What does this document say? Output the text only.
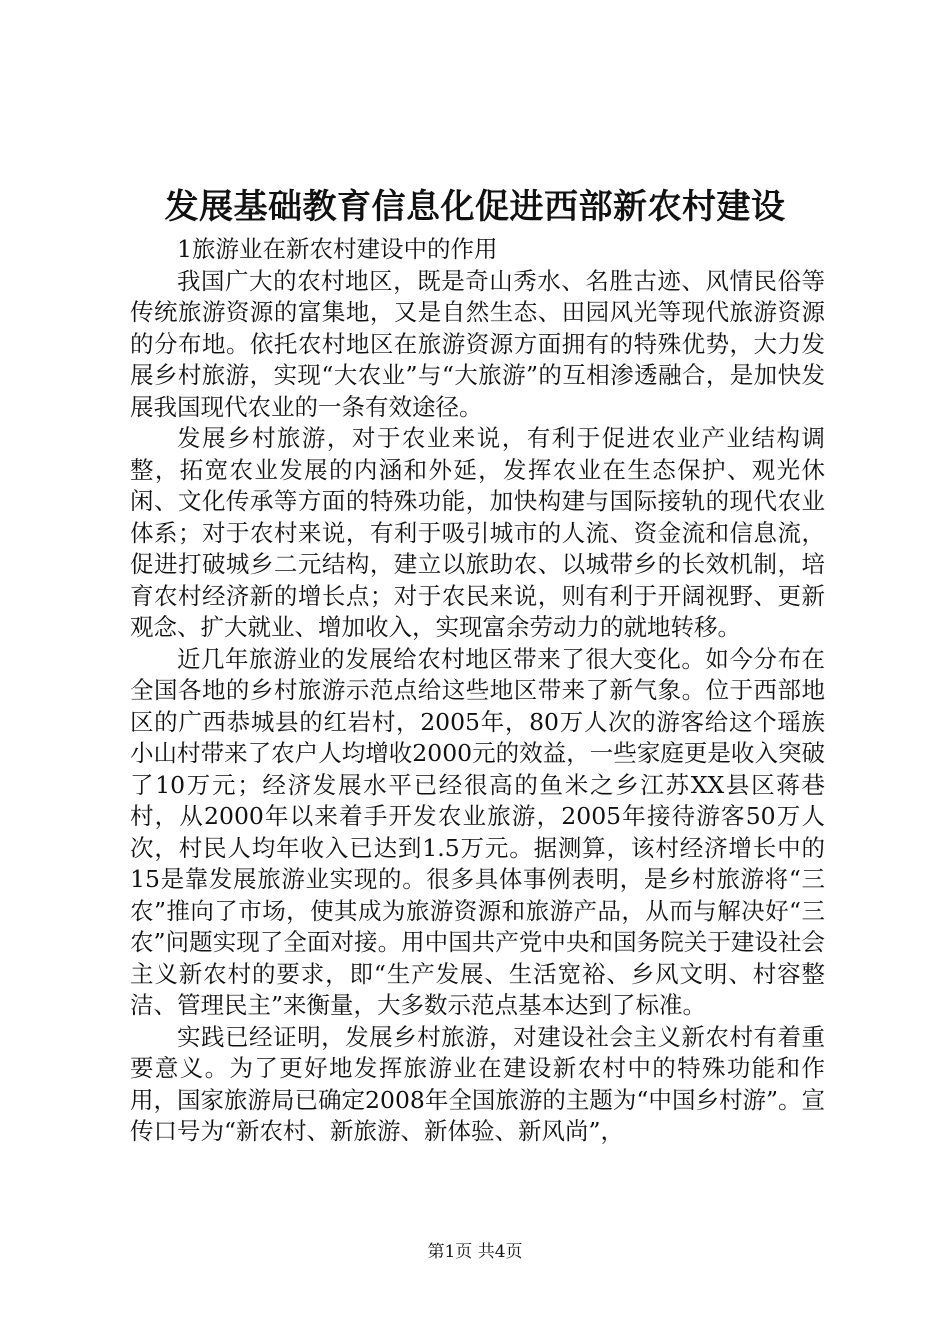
发展基础教育信息化促进西部新农村建设

1旅游业在新农村建设中的作用

我国广大的农村地区，既是奇山秀水、名胜古迹、风情民俗等传统旅游资源的富集地，又是自然生态、田园风光等现代旅游资源的分布地。依托农村地区在旅游资源方面拥有的特殊优势，大力发展乡村旅游，实现“大农业”与“大旅游”的互相渗透融合，是加快发展我国现代农业的一条有效途径。

发展乡村旅游，对于农业来说，有利于促进农业产业结构调整，拓宽农业发展的内涵和外延，发挥农业在生态保护、观光休闲、文化传承等方面的特殊功能，加快构建与国际接轨的现代农业体系；对于农村来说，有利于吸引城市的人流、资金流和信息流，促进打破城乡二元结构，建立以旅助农、以城带乡的长效机制，培育农村经济新的增长点；对于农民来说，则有利于开阔视野、更新观念、扩大就业、增加收入，实现富余劳动力的就地转移。

近几年旅游业的发展给农村地区带来了很大变化。如今分布在全国各地的乡村旅游示范点给这些地区带来了新气象。位于西部地区的广西恭城县的红岩村，2005年，80万人次的游客给这个瑶族小山村带来了农户人均增收2000元的效益，一些家庭更是收入突破了10万元；经济发展水平已经很高的鱼米之乡江苏XX县区蒋巷村，从2000年以来着手开发农业旅游，2005年接待游客50万人次，村民人均年收入已达到1.5万元。据测算，该村经济增长中的15是靠发展旅游业实现的。很多具体事例表明，是乡村旅游将“三农”推向了市场，使其成为旅游资源和旅游产品，从而与解决好“三农”问题实现了全面对接。用中国共产党中央和国务院关于建设社会主义新农村的要求，即“生产发展、生活宽裕、乡风文明、村容整洁、管理民主”来衡量，大多数示范点基本达到了标准。

实践已经证明，发展乡村旅游，对建设社会主义新农村有着重要意义。为了更好地发挥旅游业在建设新农村中的特殊功能和作用，国家旅游局已确定2008年全国旅游的主题为“中国乡村游”。宣传口号为“新农村、新旅游、新体验、新风尚”，

第1页 共4页
